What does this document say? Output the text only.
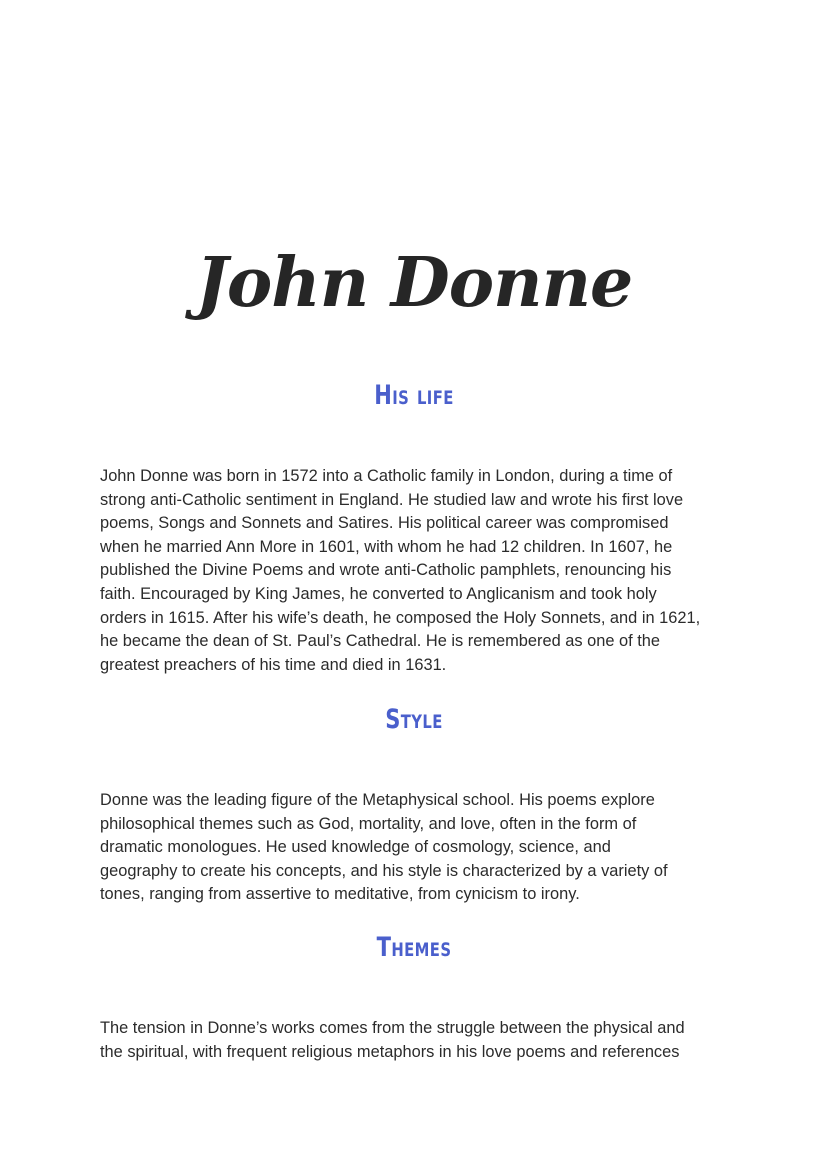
John Donne
His life
John Donne was born in 1572 into a Catholic family in London, during a time of
strong anti-Catholic sentiment in England. He studied law and wrote his first love
poems, Songs and Sonnets and Satires. His political career was compromised
when he married Ann More in 1601, with whom he had 12 children. In 1607, he
published the Divine Poems and wrote anti-Catholic pamphlets, renouncing his
faith. Encouraged by King James, he converted to Anglicanism and took holy
orders in 1615. After his wife’s death, he composed the Holy Sonnets, and in 1621,
he became the dean of St. Paul’s Cathedral. He is remembered as one of the
greatest preachers of his time and died in 1631.
Style
Donne was the leading figure of the Metaphysical school. His poems explore
philosophical themes such as God, mortality, and love, often in the form of
dramatic monologues. He used knowledge of cosmology, science, and
geography to create his concepts, and his style is characterized by a variety of
tones, ranging from assertive to meditative, from cynicism to irony.
Themes
The tension in Donne’s works comes from the struggle between the physical and
the spiritual, with frequent religious metaphors in his love poems and references
